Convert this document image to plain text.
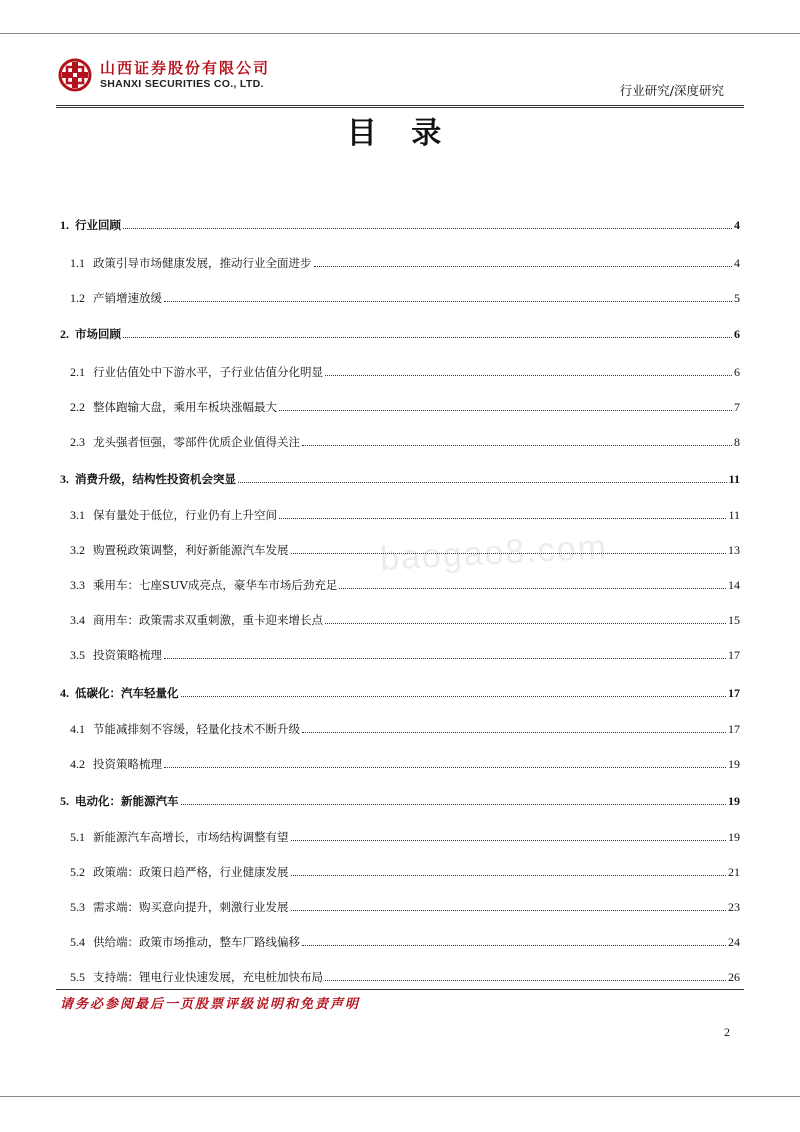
山西证券股份有限公司
SHANXI SECURITIES CO., LTD.	行业研究/深度研究
目 录
baogao8.com
1. 行业回顾	4
1.1 政策引导市场健康发展，推动行业全面进步	4
1.2 产销增速放缓	5
2. 市场回顾	6
2.1 行业估值处中下游水平，子行业估值分化明显	6
2.2 整体跑输大盘，乘用车板块涨幅最大	7
2.3 龙头强者恒强，零部件优质企业值得关注	8
3. 消费升级，结构性投资机会突显	11
3.1 保有量处于低位，行业仍有上升空间	11
3.2 购置税政策调整，利好新能源汽车发展	13
3.3 乘用车：七座SUV成亮点，豪华车市场后劲充足	14
3.4 商用车：政策需求双重刺激，重卡迎来增长点	15
3.5 投资策略梳理	17
4. 低碳化：汽车轻量化	17
4.1 节能减排刻不容缓，轻量化技术不断升级	17
4.2 投资策略梳理	19
5. 电动化：新能源汽车	19
5.1 新能源汽车高增长，市场结构调整有望	19
5.2 政策端：政策日趋严格，行业健康发展	21
5.3 需求端：购买意向提升，刺激行业发展	23
5.4 供给端：政策市场推动，整车厂路线偏移	24
5.5 支持端：锂电行业快速发展，充电桩加快布局	26
请务必参阅最后一页股票评级说明和免责声明
2
